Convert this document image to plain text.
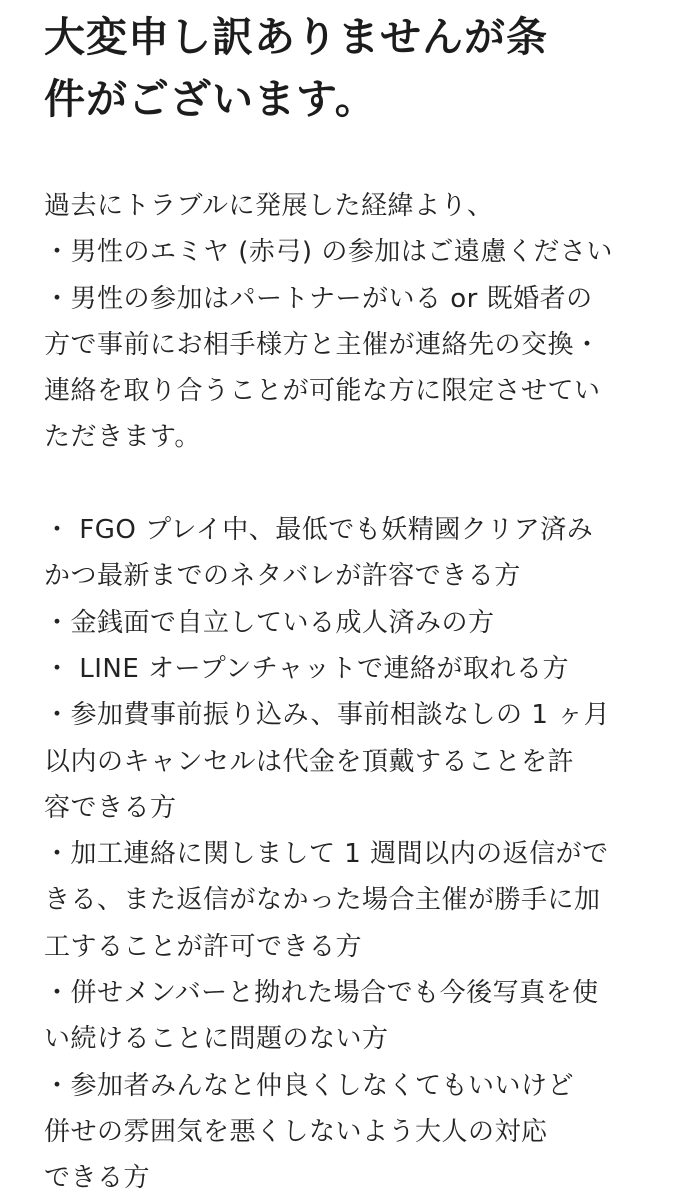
大変申し訳ありませんが条
件がございます。
過去にトラブルに発展した経緯より、
・男性のエミヤ (赤弓) の参加はご遠慮ください
・男性の参加はパートナーがいる or 既婚者の
方で事前にお相手様方と主催が連絡先の交換・
連絡を取り合うことが可能な方に限定させてい
ただきます。
・ FGO プレイ中、最低でも妖精國クリア済み
かつ最新までのネタバレが許容できる方
・金銭面で自立している成人済みの方
・ LINE オープンチャットで連絡が取れる方
・参加費事前振り込み、事前相談なしの 1 ヶ月
以内のキャンセルは代金を頂戴することを許
容できる方
・加工連絡に関しまして 1 週間以内の返信がで
きる、また返信がなかった場合主催が勝手に加
工することが許可できる方
・併せメンバーと拗れた場合でも今後写真を使
い続けることに問題のない方
・参加者みんなと仲良くしなくてもいいけど
併せの雰囲気を悪くしないよう大人の対応
できる方
